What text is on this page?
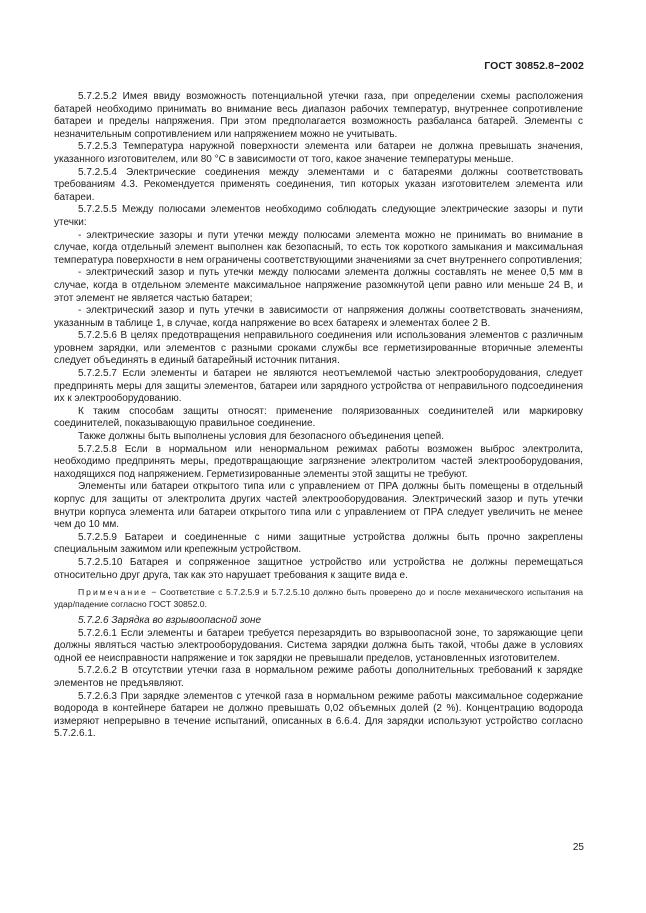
ГОСТ 30852.8−2002

5.7.2.5.2 Имея ввиду возможность потенциальной утечки газа, при определении схемы расположения батарей необходимо принимать во внимание весь диапазон рабочих температур, внутреннее сопротивление батареи и пределы напряжения. При этом предполагается возможность разбаланса батарей. Элементы с незначительным сопротивлением или напряжением можно не учитывать.

5.7.2.5.3 Температура наружной поверхности элемента или батареи не должна превышать значения, указанного изготовителем, или 80 °С в зависимости от того, какое значение температуры меньше.

5.7.2.5.4 Электрические соединения между элементами и с батареями должны соответствовать требованиям 4.3. Рекомендуется применять соединения, тип которых указан изготовителем элемента или батареи.

5.7.2.5.5 Между полюсами элементов необходимо соблюдать следующие электрические зазоры и пути утечки:

- электрические зазоры и пути утечки между полюсами элемента можно не принимать во внимание в случае, когда отдельный элемент выполнен как безопасный, то есть ток короткого замыкания и максимальная температура поверхности в нем ограничены соответствующими значениями за счет внутреннего сопротивления;

- электрический зазор и путь утечки между полюсами элемента должны составлять не менее 0,5 мм в случае, когда в отдельном элементе максимальное напряжение разомкнутой цепи равно или меньше 24 В, и этот элемент не является частью батареи;

- электрический зазор и путь утечки в зависимости от напряжения должны соответствовать значениям, указанным в таблице 1, в случае, когда напряжение во всех батареях и элементах более 2 В.

5.7.2.5.6 В целях предотвращения неправильного соединения или использования элементов с различным уровнем зарядки, или элементов с разными сроками службы все герметизированные вторичные элементы следует объединять в единый батарейный источник питания.

5.7.2.5.7 Если элементы и батареи не являются неотъемлемой частью электрооборудования, следует предпринять меры для защиты элементов, батареи или зарядного устройства от неправильного подсоединения их к электрооборудованию.

К таким способам защиты относят: применение поляризованных соединителей или маркировку соединителей, показывающую правильное соединение.

Также должны быть выполнены условия для безопасного объединения цепей.

5.7.2.5.8 Если в нормальном или ненормальном режимах работы возможен выброс электролита, необходимо предпринять меры, предотвращающие загрязнение электролитом частей электрооборудования, находящихся под напряжением. Герметизированные элементы этой защиты не требуют.

Элементы или батареи открытого типа или с управлением от ПРА должны быть помещены в отдельный корпус для защиты от электролита других частей электрооборудования. Электрический зазор и путь утечки внутри корпуса элемента или батареи открытого типа или с управлением от ПРА следует увеличить не менее чем до 10 мм.

5.7.2.5.9 Батареи и соединенные с ними защитные устройства должны быть прочно закреплены специальным зажимом или крепежным устройством.

5.7.2.5.10 Батарея и сопряженное защитное устройство или устройства не должны перемещаться относительно друг друга, так как это нарушает требования к защите вида е.

Примечание − Соответствие с 5.7.2.5.9 и 5.7.2.5.10 должно быть проверено до и после механического испытания на удар/падение согласно ГОСТ 30852.0.

5.7.2.6 Зарядка во взрывоопасной зоне

5.7.2.6.1 Если элементы и батареи требуется перезарядить во взрывоопасной зоне, то заряжающие цепи должны являться частью электрооборудования. Система зарядки должна быть такой, чтобы даже в условиях одной ее неисправности напряжение и ток зарядки не превышали пределов, установленных изготовителем.

5.7.2.6.2 В отсутствии утечки газа в нормальном режиме работы дополнительных требований к зарядке элементов не предъявляют.

5.7.2.6.3 При зарядке элементов с утечкой газа в нормальном режиме работы максимальное содержание водорода в контейнере батареи не должно превышать 0,02 объемных долей (2 %). Концентрацию водорода измеряют непрерывно в течение испытаний, описанных в 6.6.4. Для зарядки используют устройство согласно 5.7.2.6.1.

25
